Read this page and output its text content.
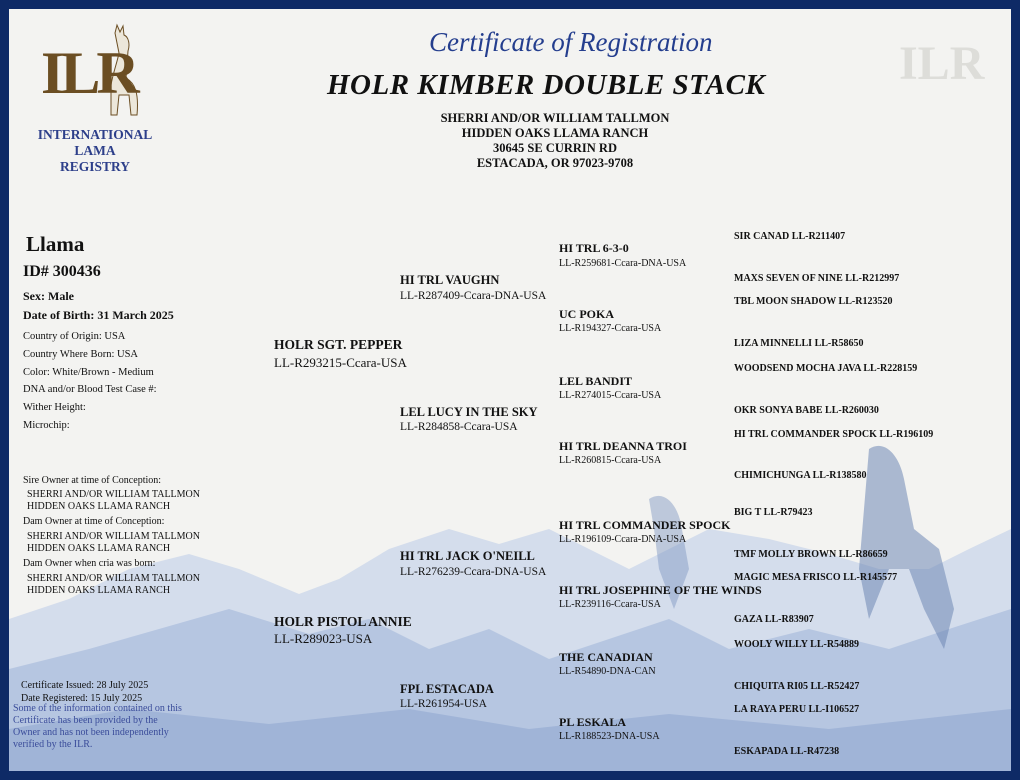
ILR
ILR
INTERNATIONAL
LAMA
REGISTRY
Certificate of Registration
HOLR KIMBER DOUBLE STACK
SHERRI AND/OR WILLIAM TALLMON
HIDDEN OAKS LLAMA RANCH
30645 SE CURRIN RD
ESTACADA, OR 97023-9708
Llama
ID# 300436
Sex: Male
Date of Birth: 31 March 2025
Country of Origin: USA
Country Where Born: USA
Color: White/Brown - Medium
DNA and/or Blood Test Case #:
Wither Height:
Microchip:
Sire Owner at time of Conception:
SHERRI AND/OR WILLIAM TALLMON
HIDDEN OAKS LLAMA RANCH
Dam Owner at time of Conception:
SHERRI AND/OR WILLIAM TALLMON
HIDDEN OAKS LLAMA RANCH
Dam Owner when cria was born:
SHERRI AND/OR WILLIAM TALLMON
HIDDEN OAKS LLAMA RANCH
Certificate Issued: 28 July 2025
Date Registered: 15 July 2025
Some of the information contained on this Certificate has been provided by the Owner and has not been independently verified by the ILR.
HOLR SGT. PEPPER
LL-R293215-Ccara-USA
HOLR PISTOL ANNIE
LL-R289023-USA
HI TRL VAUGHN
LL-R287409-Ccara-DNA-USA
LEL LUCY IN THE SKY
LL-R284858-Ccara-USA
HI TRL JACK O'NEILL
LL-R276239-Ccara-DNA-USA
FPL ESTACADA
LL-R261954-USA
HI TRL 6-3-0
LL-R259681-Ccara-DNA-USA
UC POKA
LL-R194327-Ccara-USA
LEL BANDIT
LL-R274015-Ccara-USA
HI TRL DEANNA TROI
LL-R260815-Ccara-USA
HI TRL COMMANDER SPOCK
LL-R196109-Ccara-DNA-USA
HI TRL JOSEPHINE OF THE WINDS
LL-R239116-Ccara-USA
THE CANADIAN
LL-R54890-DNA-CAN
PL ESKALA
LL-R188523-DNA-USA
SIR CANAD LL-R211407
MAXS SEVEN OF NINE LL-R212997
TBL MOON SHADOW LL-R123520
LIZA MINNELLI LL-R58650
WOODSEND MOCHA JAVA LL-R228159
OKR SONYA BABE LL-R260030
HI TRL COMMANDER SPOCK LL-R196109
CHIMICHUNGA LL-R138580
BIG T LL-R79423
TMF MOLLY BROWN LL-R86659
MAGIC MESA FRISCO LL-R145577
GAZA LL-R83907
WOOLY WILLY LL-R54889
CHIQUITA RI05 LL-R52427
LA RAYA PERU LL-I106527
ESKAPADA LL-R47238
